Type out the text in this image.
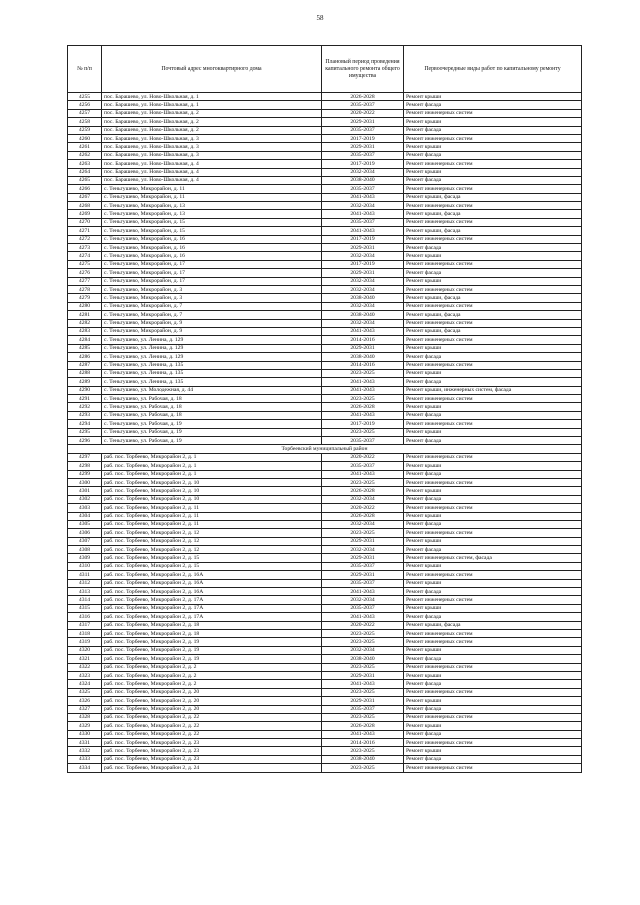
58
№ п/п	Почтовый адрес многоквартирного дома	Плановый период проведения капитального ремонта общего имущества	Первоочередные виды работ по капитальному ремонту
4255	пос. Барашево, ул. Ново-Школьная, д. 1	2026-2028	Ремонт крыши
4256	пос. Барашево, ул. Ново-Школьная, д. 1	2035-2037	Ремонт фасада
4257	пос. Барашево, ул. Ново-Школьная, д. 2	2020-2022	Ремонт инженерных систем
4258	пос. Барашево, ул. Ново-Школьная, д. 2	2029-2031	Ремонт крыши
4259	пос. Барашево, ул. Ново-Школьная, д. 2	2035-2037	Ремонт фасада
4260	пос. Барашево, ул. Ново-Школьная, д. 3	2017-2019	Ремонт инженерных систем
4261	пос. Барашево, ул. Ново-Школьная, д. 3	2029-2031	Ремонт крыши
4262	пос. Барашево, ул. Ново-Школьная, д. 3	2035-2037	Ремонт фасада
4263	пос. Барашево, ул. Ново-Школьная, д. 4	2017-2019	Ремонт инженерных систем
4264	пос. Барашево, ул. Ново-Школьная, д. 4	2032-2034	Ремонт крыши
4265	пос. Барашево, ул. Ново-Школьная, д. 4	2038-2040	Ремонт фасада
4266	с. Теньгушево, Микрорайон, д. 11	2035-2037	Ремонт инженерных систем
4267	с. Теньгушево, Микрорайон, д. 11	2041-2043	Ремонт крыши, фасада
4268	с. Теньгушево, Микрорайон, д. 13	2032-2034	Ремонт инженерных систем
4269	с. Теньгушево, Микрорайон, д. 13	2041-2043	Ремонт крыши, фасада
4270	с. Теньгушево, Микрорайон, д. 15	2035-2037	Ремонт инженерных систем
4271	с. Теньгушево, Микрорайон, д. 15	2041-2043	Ремонт крыши, фасада
4272	с. Теньгушево, Микрорайон, д. 16	2017-2019	Ремонт инженерных систем
4273	с. Теньгушево, Микрорайон, д. 16	2029-2031	Ремонт фасада
4274	с. Теньгушево, Микрорайон, д. 16	2032-2034	Ремонт крыши
4275	с. Теньгушево, Микрорайон, д. 17	2017-2019	Ремонт инженерных систем
4276	с. Теньгушево, Микрорайон, д. 17	2029-2031	Ремонт фасада
4277	с. Теньгушево, Микрорайон, д. 17	2032-2034	Ремонт крыши
4278	с. Теньгушево, Микрорайон, д. 3	2032-2034	Ремонт инженерных систем
4279	с. Теньгушево, Микрорайон, д. 3	2038-2040	Ремонт крыши, фасада
4280	с. Теньгушево, Микрорайон, д. 7	2032-2034	Ремонт инженерных систем
4281	с. Теньгушево, Микрорайон, д. 7	2038-2040	Ремонт крыши, фасада
4282	с. Теньгушево, Микрорайон, д. 9	2032-2034	Ремонт инженерных систем
4283	с. Теньгушево, Микрорайон, д. 9	2041-2043	Ремонт крыши, фасада
4284	с. Теньгушево, ул. Ленина, д. 129	2014-2016	Ремонт инженерных систем
4285	с. Теньгушево, ул. Ленина, д. 129	2029-2031	Ремонт крыши
4286	с. Теньгушево, ул. Ленина, д. 129	2038-2040	Ремонт фасада
4287	с. Теньгушево, ул. Ленина, д. 135	2014-2016	Ремонт инженерных систем
4288	с. Теньгушево, ул. Ленина, д. 135	2023-2025	Ремонт крыши
4289	с. Теньгушево, ул. Ленина, д. 135	2041-2043	Ремонт фасада
4290	с. Теньгушево, ул. Молодежная, д. 44	2041-2043	Ремонт крыши, инженерных систем, фасада
4291	с. Теньгушево, ул. Рабочая, д. 18	2023-2025	Ремонт инженерных систем
4292	с. Теньгушево, ул. Рабочая, д. 18	2026-2028	Ремонт крыши
4293	с. Теньгушево, ул. Рабочая, д. 18	2041-2043	Ремонт фасада
4294	с. Теньгушево, ул. Рабочая, д. 19	2017-2019	Ремонт инженерных систем
4295	с. Теньгушево, ул. Рабочая, д. 19	2023-2025	Ремонт крыши
4296	с. Теньгушево, ул. Рабочая, д. 19	2035-2037	Ремонт фасада
Торбеевский муниципальный район			
4297	раб. пос. Торбеево, Микрорайон 2, д. 1	2020-2022	Ремонт инженерных систем
4298	раб. пос. Торбеево, Микрорайон 2, д. 1	2035-2037	Ремонт крыши
4299	раб. пос. Торбеево, Микрорайон 2, д. 1	2041-2043	Ремонт фасада
4300	раб. пос. Торбеево, Микрорайон 2, д. 10	2023-2025	Ремонт инженерных систем
4301	раб. пос. Торбеево, Микрорайон 2, д. 10	2026-2028	Ремонт крыши
4302	раб. пос. Торбеево, Микрорайон 2, д. 10	2032-2034	Ремонт фасада
4303	раб. пос. Торбеево, Микрорайон 2, д. 11	2020-2022	Ремонт инженерных систем
4304	раб. пос. Торбеево, Микрорайон 2, д. 11	2026-2028	Ремонт крыши
4305	раб. пос. Торбеево, Микрорайон 2, д. 11	2032-2034	Ремонт фасада
4306	раб. пос. Торбеево, Микрорайон 2, д. 12	2023-2025	Ремонт инженерных систем
4307	раб. пос. Торбеево, Микрорайон 2, д. 12	2029-2031	Ремонт крыши
4308	раб. пос. Торбеево, Микрорайон 2, д. 12	2032-2034	Ремонт фасада
4309	раб. пос. Торбеево, Микрорайон 2, д. 15	2029-2031	Ремонт инженерных систем, фасада
4310	раб. пос. Торбеево, Микрорайон 2, д. 15	2035-2037	Ремонт крыши
4311	раб. пос. Торбеево, Микрорайон 2, д. 16А	2029-2031	Ремонт инженерных систем
4312	раб. пос. Торбеево, Микрорайон 2, д. 16А	2035-2037	Ремонт крыши
4313	раб. пос. Торбеево, Микрорайон 2, д. 16А	2041-2043	Ремонт фасада
4314	раб. пос. Торбеево, Микрорайон 2, д. 17А	2032-2034	Ремонт инженерных систем
4315	раб. пос. Торбеево, Микрорайон 2, д. 17А	2035-2037	Ремонт крыши
4316	раб. пос. Торбеево, Микрорайон 2, д. 17А	2041-2043	Ремонт фасада
4317	раб. пос. Торбеево, Микрорайон 2, д. 18	2020-2022	Ремонт крыши, фасада
4318	раб. пос. Торбеево, Микрорайон 2, д. 18	2023-2025	Ремонт инженерных систем
4319	раб. пос. Торбеево, Микрорайон 2, д. 19	2023-2025	Ремонт инженерных систем
4320	раб. пос. Торбеево, Микрорайон 2, д. 19	2032-2034	Ремонт крыши
4321	раб. пос. Торбеево, Микрорайон 2, д. 19	2038-2040	Ремонт фасада
4322	раб. пос. Торбеево, Микрорайон 2, д. 2	2023-2025	Ремонт инженерных систем
4323	раб. пос. Торбеево, Микрорайон 2, д. 2	2029-2031	Ремонт крыши
4324	раб. пос. Торбеево, Микрорайон 2, д. 2	2041-2043	Ремонт фасада
4325	раб. пос. Торбеево, Микрорайон 2, д. 20	2023-2025	Ремонт инженерных систем
4326	раб. пос. Торбеево, Микрорайон 2, д. 20	2029-2031	Ремонт крыши
4327	раб. пос. Торбеево, Микрорайон 2, д. 20	2035-2037	Ремонт фасада
4328	раб. пос. Торбеево, Микрорайон 2, д. 22	2023-2025	Ремонт инженерных систем
4329	раб. пос. Торбеево, Микрорайон 2, д. 22	2026-2028	Ремонт крыши
4330	раб. пос. Торбеево, Микрорайон 2, д. 22	2041-2043	Ремонт фасада
4331	раб. пос. Торбеево, Микрорайон 2, д. 23	2014-2016	Ремонт инженерных систем
4332	раб. пос. Торбеево, Микрорайон 2, д. 23	2023-2025	Ремонт крыши
4333	раб. пос. Торбеево, Микрорайон 2, д. 23	2038-2040	Ремонт фасада
4334	раб. пос. Торбеево, Микрорайон 2, д. 24	2023-2025	Ремонт инженерных систем
